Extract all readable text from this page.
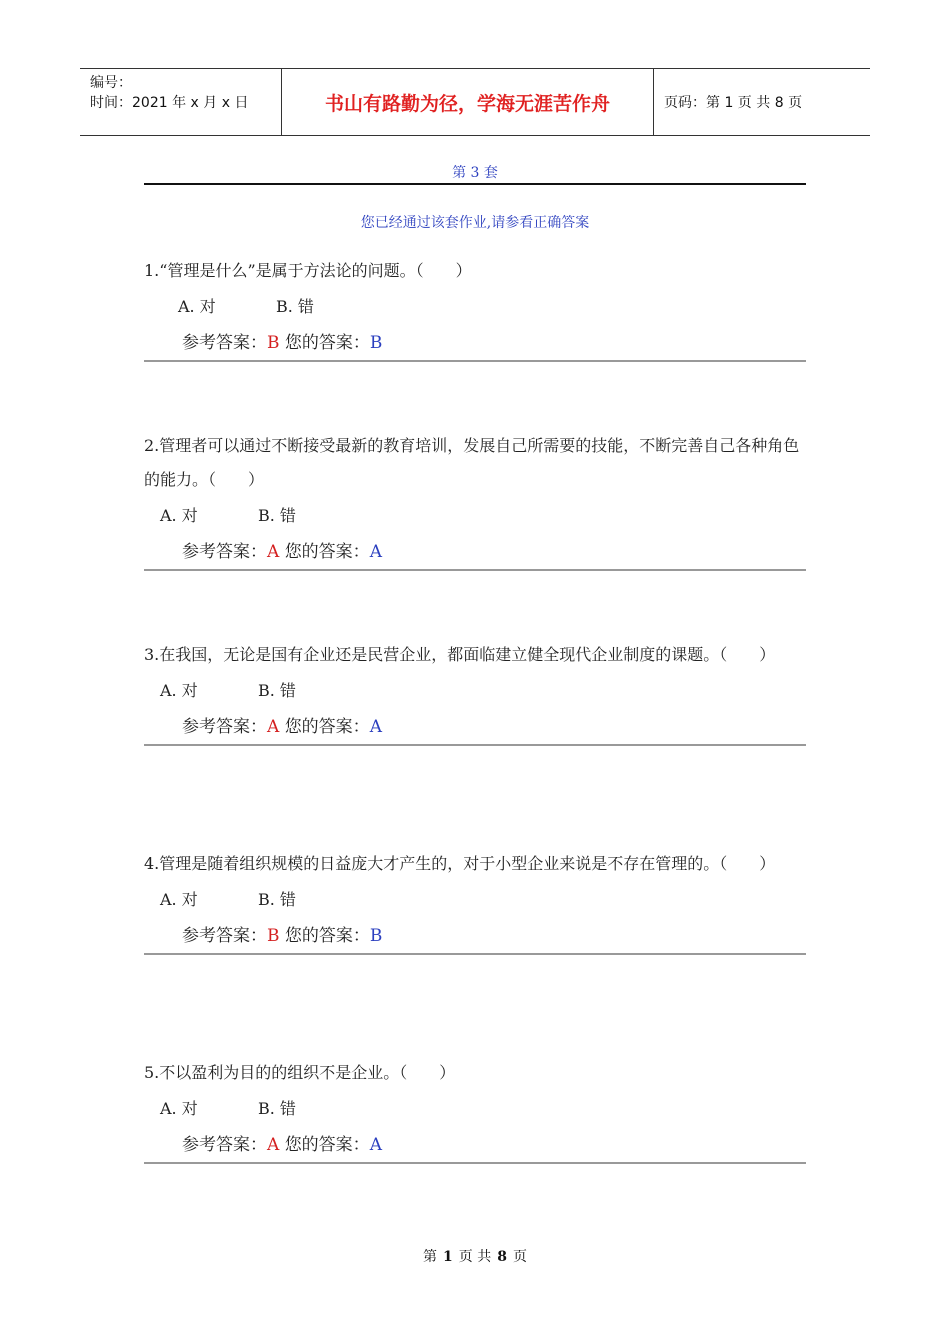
编号：
时间：2021 年 x 月 x 日	书山有路勤为径，学海无涯苦作舟	页码：第 1 页 共 8 页
第 3 套
您已经通过该套作业,请参看正确答案

1.“管理是什么”是属于方法论的问题。（　　）

A. 对	B. 错
参考答案：B 您的答案：B

2.管理者可以通过不断接受最新的教育培训，发展自己所需要的技能，不断完善自己各种角色的能力。（　　）

A. 对	B. 错
参考答案：A 您的答案：A

3.在我国，无论是国有企业还是民营企业，都面临建立健全现代企业制度的课题。（　　）

A. 对	B. 错
参考答案：A 您的答案：A

4.管理是随着组织规模的日益庞大才产生的，对于小型企业来说是不存在管理的。（　　）

A. 对	B. 错
参考答案：B 您的答案：B

5.不以盈利为目的的组织不是企业。（　　）

A. 对	B. 错
参考答案：A 您的答案：A
第 1 页 共 8 页
